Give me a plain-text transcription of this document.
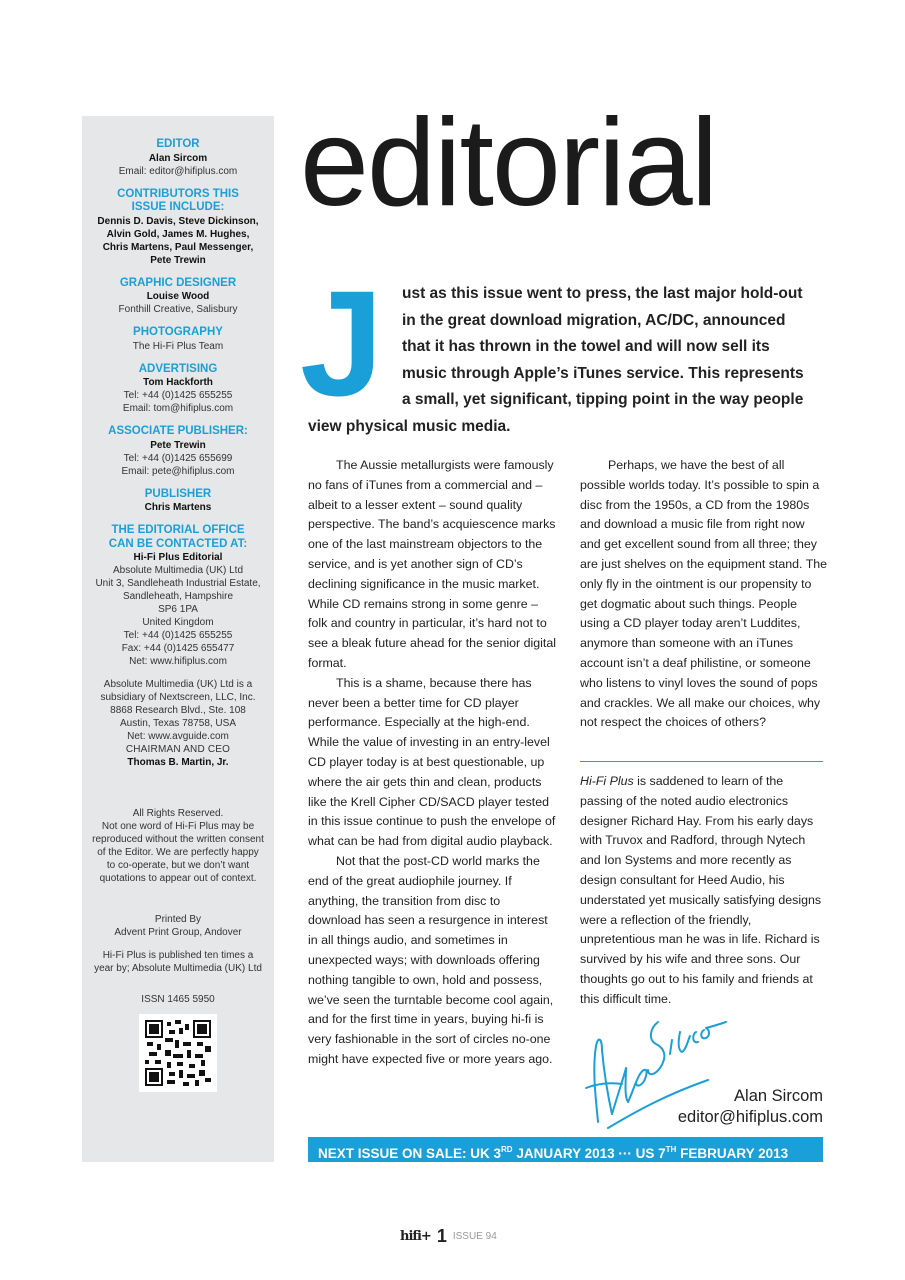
EDITOR
Alan Sircom
Email: editor@hifiplus.com
CONTRIBUTORS THIS
ISSUE INCLUDE:
Dennis D. Davis, Steve Dickinson,
Alvin Gold, James M. Hughes,
Chris Martens, Paul Messenger,
Pete Trewin
GRAPHIC DESIGNER
Louise Wood
Fonthill Creative, Salisbury
PHOTOGRAPHY
The Hi-Fi Plus Team
ADVERTISING
Tom Hackforth
Tel: +44 (0)1425 655255
Email: tom@hifiplus.com
ASSOCIATE PUBLISHER:
Pete Trewin
Tel: +44 (0)1425 655699
Email: pete@hifiplus.com
PUBLISHER
Chris Martens
THE EDITORIAL OFFICE
CAN BE CONTACTED AT:
Hi-Fi Plus Editorial
Absolute Multimedia (UK) Ltd
Unit 3, Sandleheath Industrial Estate,
Sandleheath, Hampshire
SP6 1PA
United Kingdom
Tel: +44 (0)1425 655255
Fax: +44 (0)1425 655477
Net: www.hifiplus.com
Absolute Multimedia (UK) Ltd is a
subsidiary of Nextscreen, LLC, Inc.
8868 Research Blvd., Ste. 108
Austin, Texas 78758, USA
Net: www.avguide.com
CHAIRMAN AND CEO
Thomas B. Martin, Jr.
All Rights Reserved.
Not one word of Hi-Fi Plus may be
reproduced without the written consent
of the Editor. We are perfectly happy
to co-operate, but we don’t want
quotations to appear out of context.
Printed By
Advent Print Group, Andover
Hi-Fi Plus is published ten times a
year by; Absolute Multimedia (UK) Ltd
ISSN 1465 5950
editorial
J ust as this issue went to press, the last major hold-out
in the great download migration, AC/DC, announced
that it has thrown in the towel and will now sell its
music through Apple’s iTunes service. This represents
a small, yet significant, tipping point in the way people
view physical music media.

The Aussie metallurgists were famously no fans of iTunes from a commercial and – albeit to a lesser extent – sound quality perspective. The band’s acquiescence marks one of the last mainstream objectors to the service, and is yet another sign of CD’s declining significance in the music market. While CD remains strong in some genre – folk and country in particular, it’s hard not to see a bleak future ahead for the senior digital format.

This is a shame, because there has never been a better time for CD player performance. Especially at the high-end. While the value of investing in an entry-level CD player today is at best questionable, up where the air gets thin and clean, products like the Krell Cipher CD/SACD player tested in this issue continue to push the envelope of what can be had from digital audio playback.

Not that the post-CD world marks the end of the great audiophile journey. If anything, the transition from disc to download has seen a resurgence in interest in all things audio, and sometimes in unexpected ways; with downloads offering nothing tangible to own, hold and possess, we’ve seen the turntable become cool again, and for the first time in years, buying hi-fi is very fashionable in the sort of circles no-one might have expected five or more years ago.

Perhaps, we have the best of all possible worlds today. It’s possible to spin a disc from the 1950s, a CD from the 1980s and download a music file from right now and get excellent sound from all three; they are just shelves on the equipment stand. The only fly in the ointment is our propensity to get dogmatic about such things. People using a CD player today aren’t Luddites, anymore than someone with an iTunes account isn’t a deaf philistine, or someone who listens to vinyl loves the sound of pops and crackles. We all make our choices, why not respect the choices of others?

Hi-Fi Plus is saddened to learn of the passing of the noted audio electronics designer Richard Hay. From his early days with Truvox and Radford, through Nytech and Ion Systems and more recently as design consultant for Heed Audio, his understated yet musically satisfying designs were a reflection of the friendly, unpretentious man he was in life. Richard is survived by his wife and three sons. Our thoughts go out to his family and friends at this difficult time.

Alan Sircom
editor@hifiplus.com
NEXT ISSUE ON SALE: UK 3RD JANUARY 2013 ··· US 7TH FEBRUARY 2013
hifi+ 1 ISSUE 94
